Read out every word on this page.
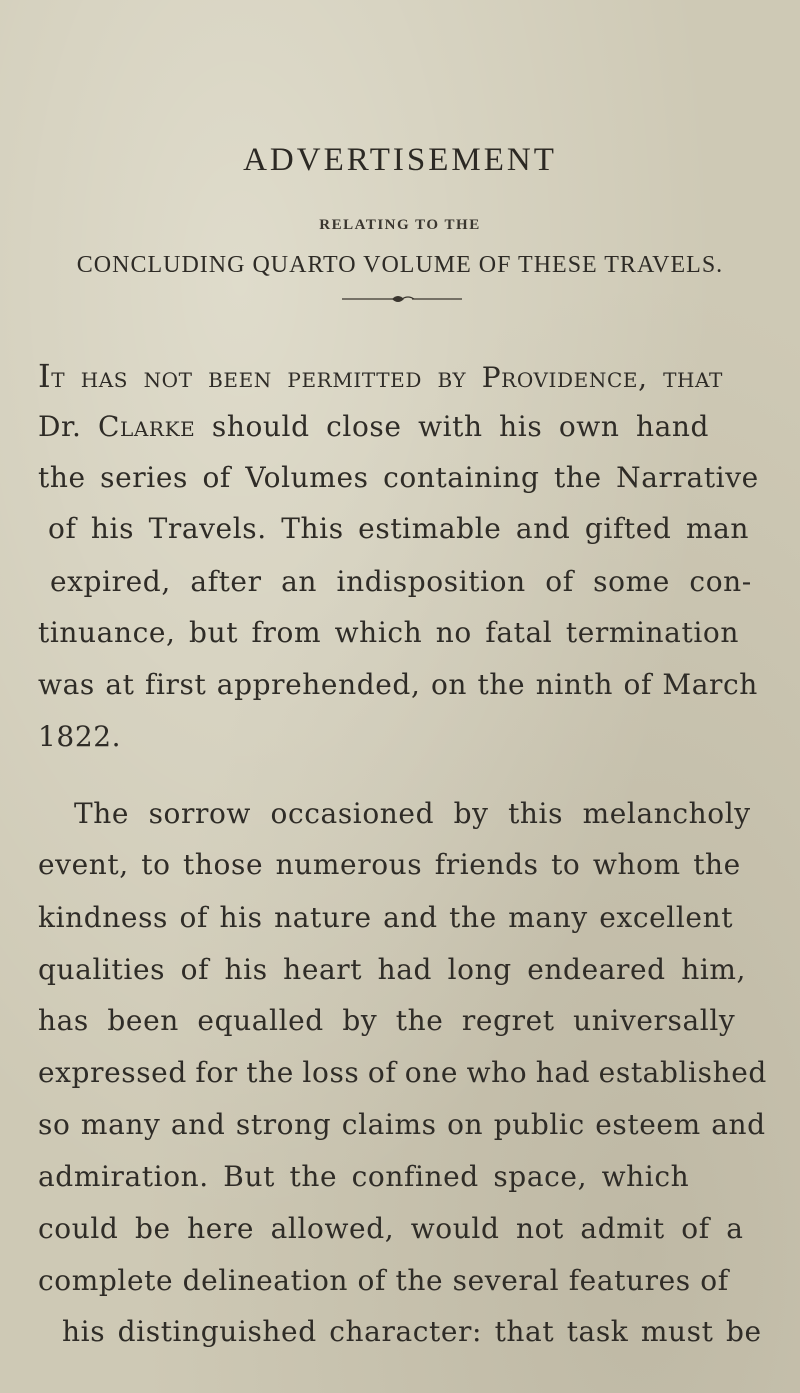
ADVERTISEMENT
RELATING TO THE
CONCLUDING QUARTO VOLUME OF THESE TRAVELS.
It has not been permitted by Providence, that
Dr. Clarke should close with his own hand
the series of Volumes containing the Narrative
of his Travels. This estimable and gifted man
expired, after an indisposition of some con-
tinuance, but from which no fatal termination
was at first apprehended, on the ninth of March
1822.
The sorrow occasioned by this melancholy
event, to those numerous friends to whom the
kindness of his nature and the many excellent
qualities of his heart had long endeared him,
has been equalled by the regret universally
expressed for the loss of one who had established
so many and strong claims on public esteem and
admiration. But the confined space, which
could be here allowed, would not admit of a
complete delineation of the several features of
his distinguished character: that task must be
